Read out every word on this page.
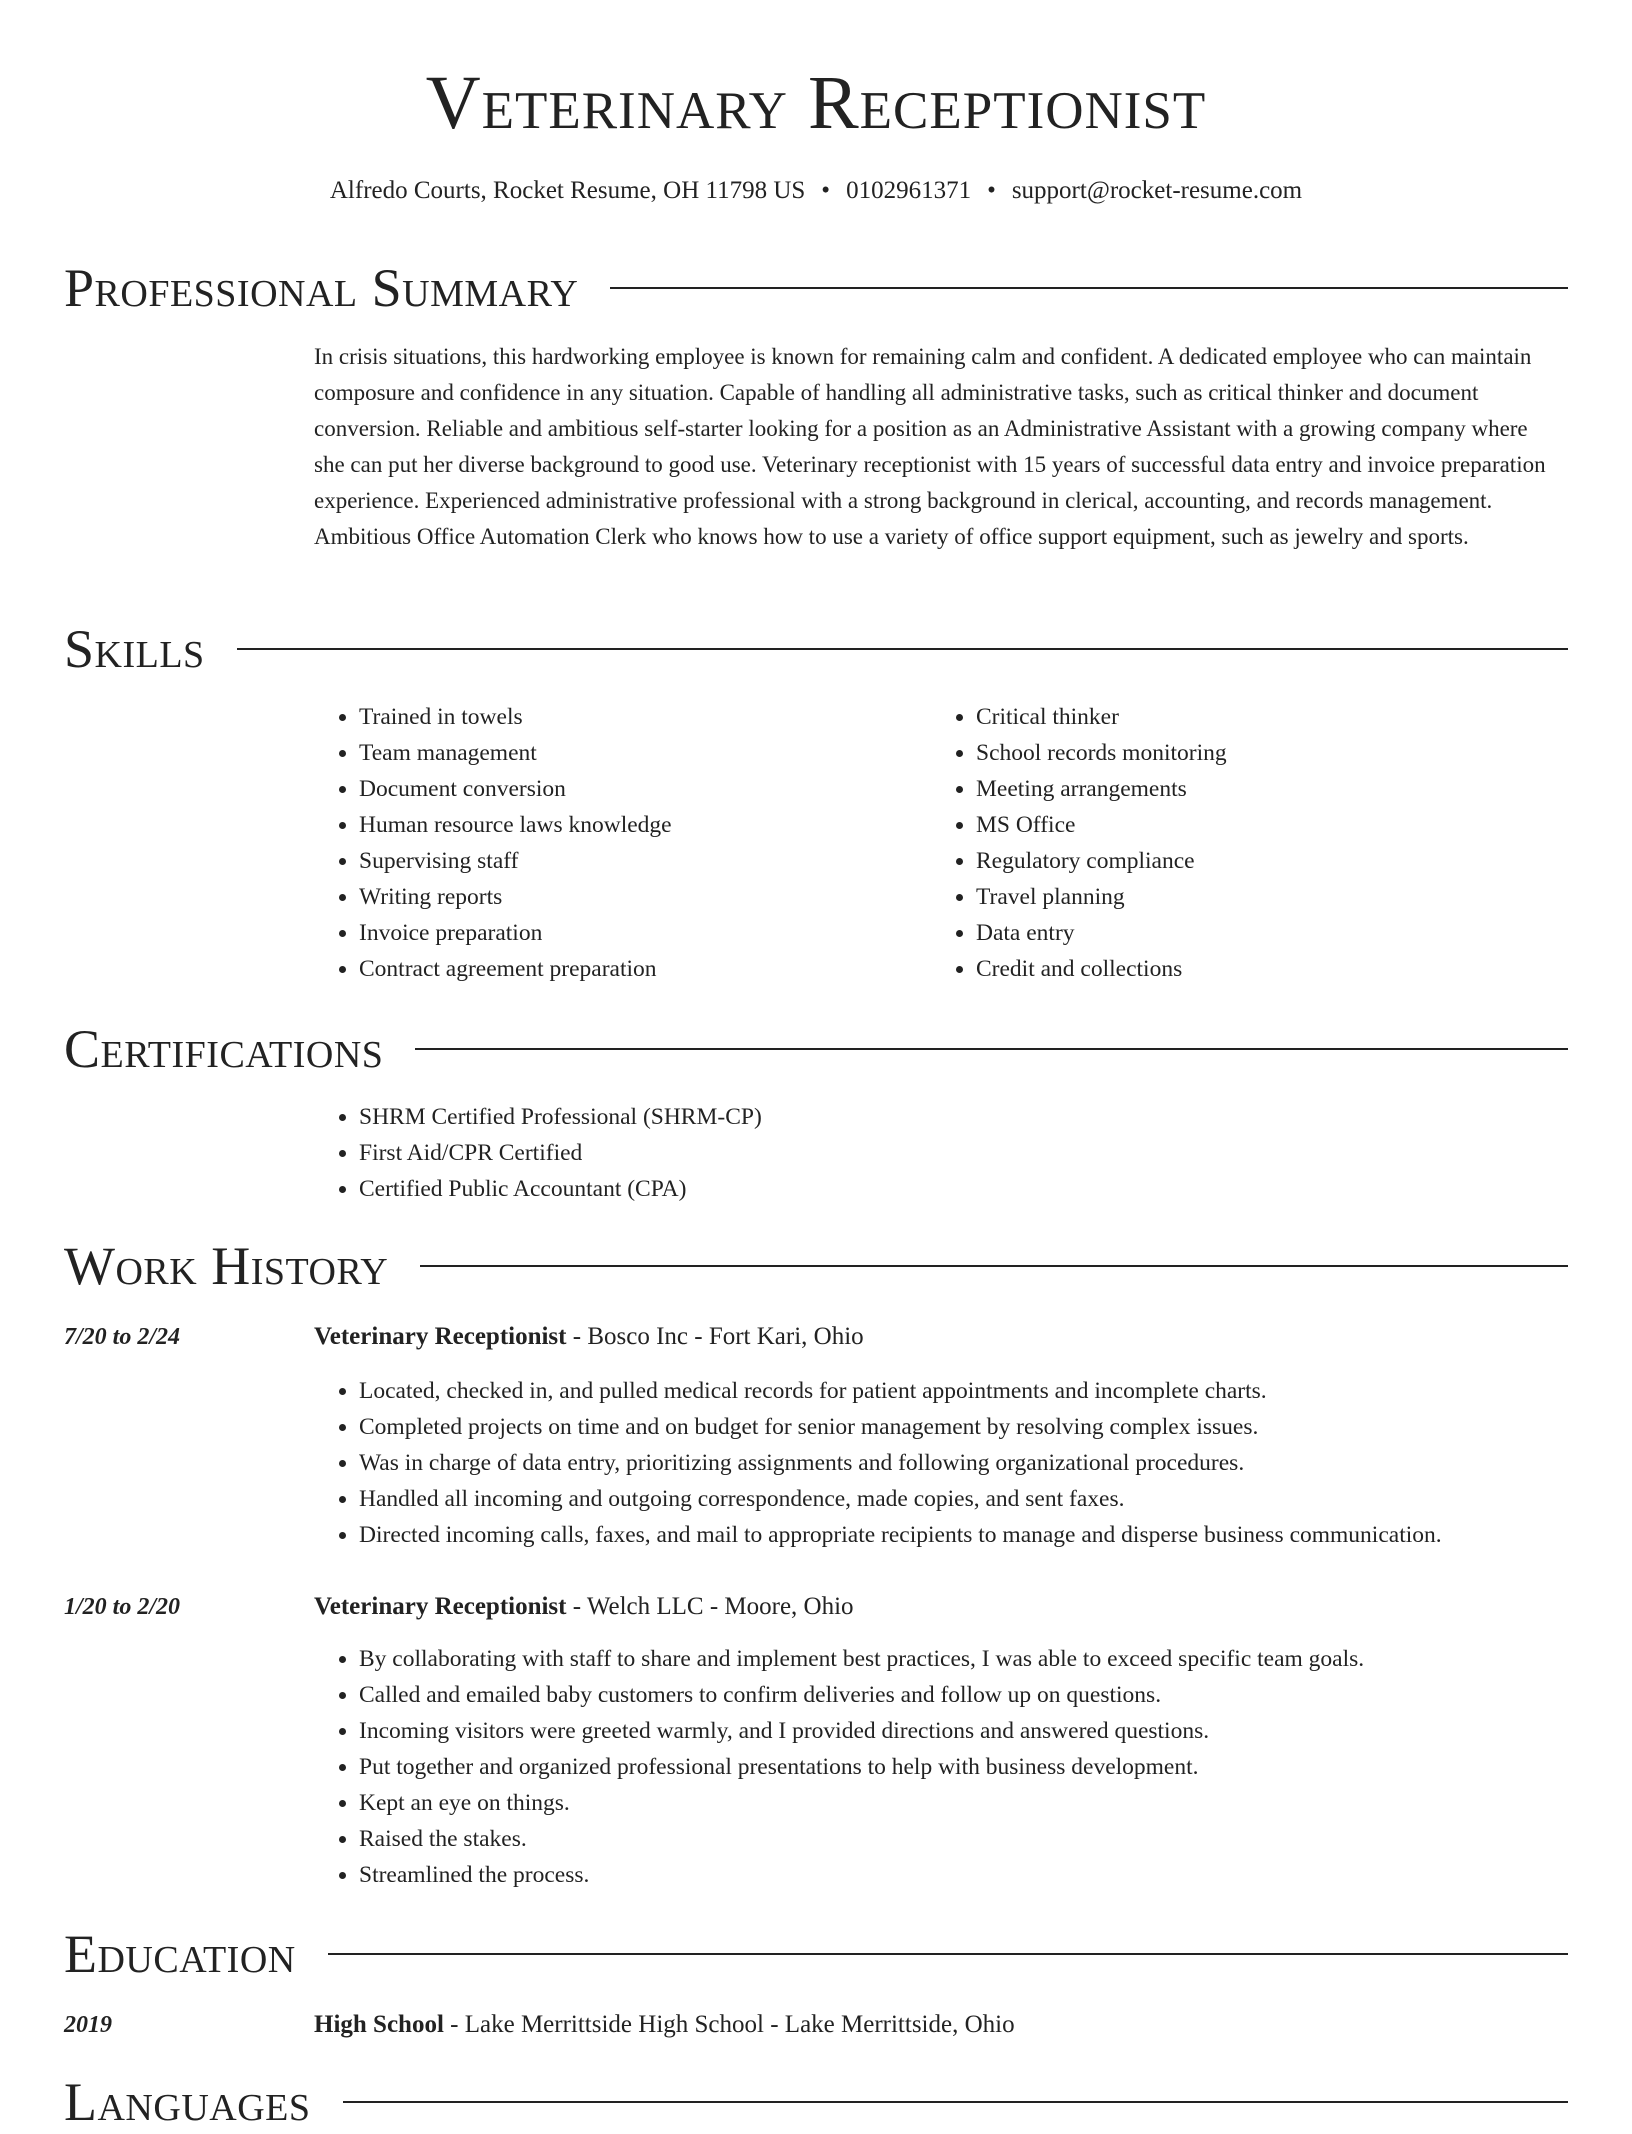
Veterinary Receptionist
Alfredo Courts, Rocket Resume, OH 11798 US • 0102961371 • support@rocket-resume.com
Professional Summary

In crisis situations, this hardworking employee is known for remaining calm and confident. A dedicated employee who can maintain composure and confidence in any situation. Capable of handling all administrative tasks, such as critical thinker and document conversion. Reliable and ambitious self-starter looking for a position as an Administrative Assistant with a growing company where she can put her diverse background to good use. Veterinary receptionist with 15 years of successful data entry and invoice preparation experience. Experienced administrative professional with a strong background in clerical, accounting, and records management. Ambitious Office Automation Clerk who knows how to use a variety of office support equipment, such as jewelry and sports.

Skills
• Trained in towels
• Team management
• Document conversion
• Human resource laws knowledge
• Supervising staff
• Writing reports
• Invoice preparation
• Contract agreement preparation
• Critical thinker
• School records monitoring
• Meeting arrangements
• MS Office
• Regulatory compliance
• Travel planning
• Data entry
• Credit and collections
Certifications
• SHRM Certified Professional (SHRM-CP)
• First Aid/CPR Certified
• Certified Public Accountant (CPA)
Work History
7/20 to 2/24	Veterinary Receptionist - Bosco Inc - Fort Kari, Ohio
• Located, checked in, and pulled medical records for patient appointments and incomplete charts.
• Completed projects on time and on budget for senior management by resolving complex issues.
• Was in charge of data entry, prioritizing assignments and following organizational procedures.
• Handled all incoming and outgoing correspondence, made copies, and sent faxes.
• Directed incoming calls, faxes, and mail to appropriate recipients to manage and disperse business communication.
1/20 to 2/20	Veterinary Receptionist - Welch LLC - Moore, Ohio
• By collaborating with staff to share and implement best practices, I was able to exceed specific team goals.
• Called and emailed baby customers to confirm deliveries and follow up on questions.
• Incoming visitors were greeted warmly, and I provided directions and answered questions.
• Put together and organized professional presentations to help with business development.
• Kept an eye on things.
• Raised the stakes.
• Streamlined the process.
Education
2019	High School - Lake Merrittside High School - Lake Merrittside, Ohio
Languages
